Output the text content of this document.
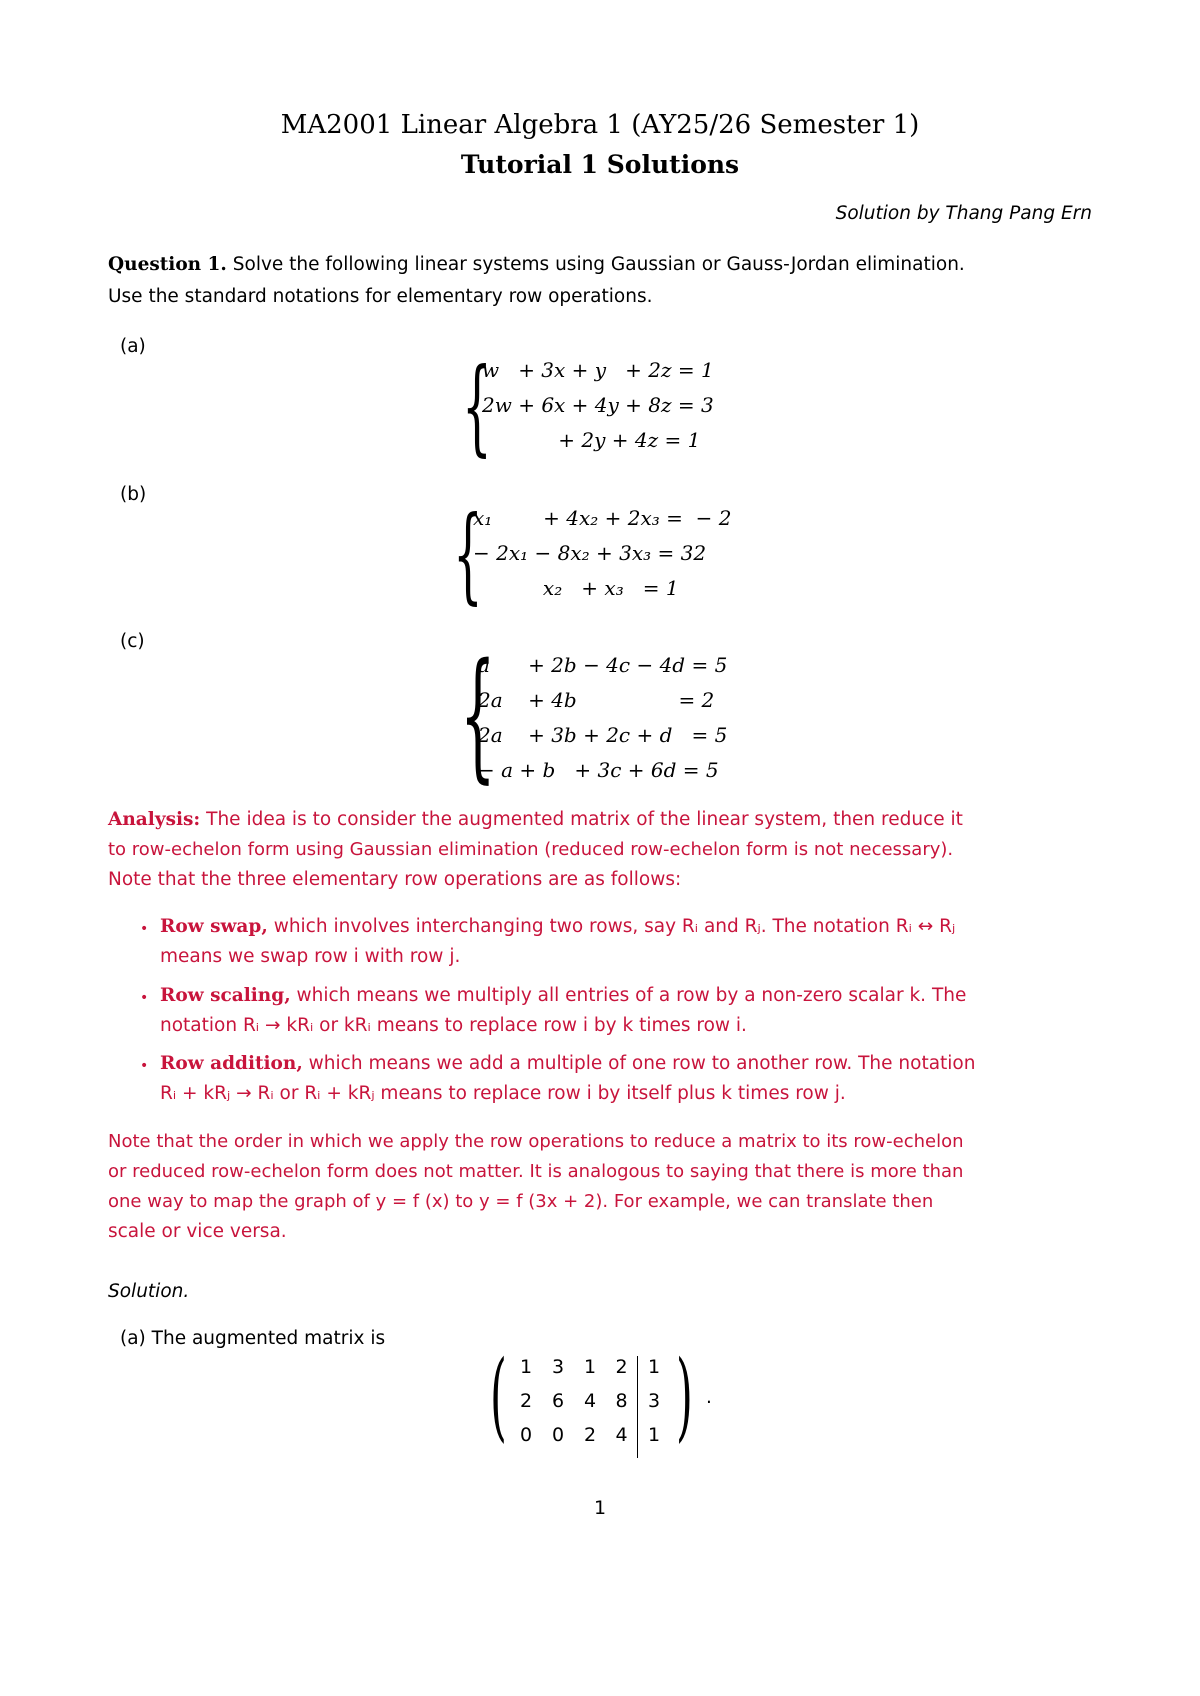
MA2001 Linear Algebra 1 (AY25/26 Semester 1)
Tutorial 1 Solutions
Solution by Thang Pang Ern
Question 1. Solve the following linear systems using Gaussian or Gauss-Jordan elimination.
Use the standard notations for elementary row operations.
(a)	{
w   + 3x + y   + 2z = 1
2w + 6x + 4y + 8z = 3
+ 2y + 4z = 1
(b)	{
x₁        + 4x₂ + 2x₃ =  − 2
− 2x₁ − 8x₂ + 3x₃ = 32
x₂   + x₃   = 1
(c) {
a      + 2b − 4c − 4d = 5
2a    + 4b                = 2
2a    + 3b + 2c + d   = 5
− a + b   + 3c + 6d = 5
Analysis: The idea is to consider the augmented matrix of the linear system, then reduce it
to row-echelon form using Gaussian elimination (reduced row-echelon form is not necessary).
Note that the three elementary row operations are as follows:
• Row swap, which involves interchanging two rows, say Rᵢ and Rⱼ. The notation Rᵢ ↔ Rⱼ
means we swap row i with row j.
• Row scaling, which means we multiply all entries of a row by a non-zero scalar k. The
notation Rᵢ → kRᵢ or kRᵢ means to replace row i by k times row i.
• Row addition, which means we add a multiple of one row to another row. The notation
Rᵢ + kRⱼ → Rᵢ or Rᵢ + kRⱼ means to replace row i by itself plus k times row j.
Note that the order in which we apply the row operations to reduce a matrix to its row-echelon
or reduced row-echelon form does not matter. It is analogous to saying that there is more than
one way to map the graph of y = f (x) to y = f (3x + 2). For example, we can translate then
scale or vice versa.
Solution.
(a) The augmented matrix is
( 1	3	1	2	1
2	6	4	8	3
0	0	2	4	1 ) .
1
